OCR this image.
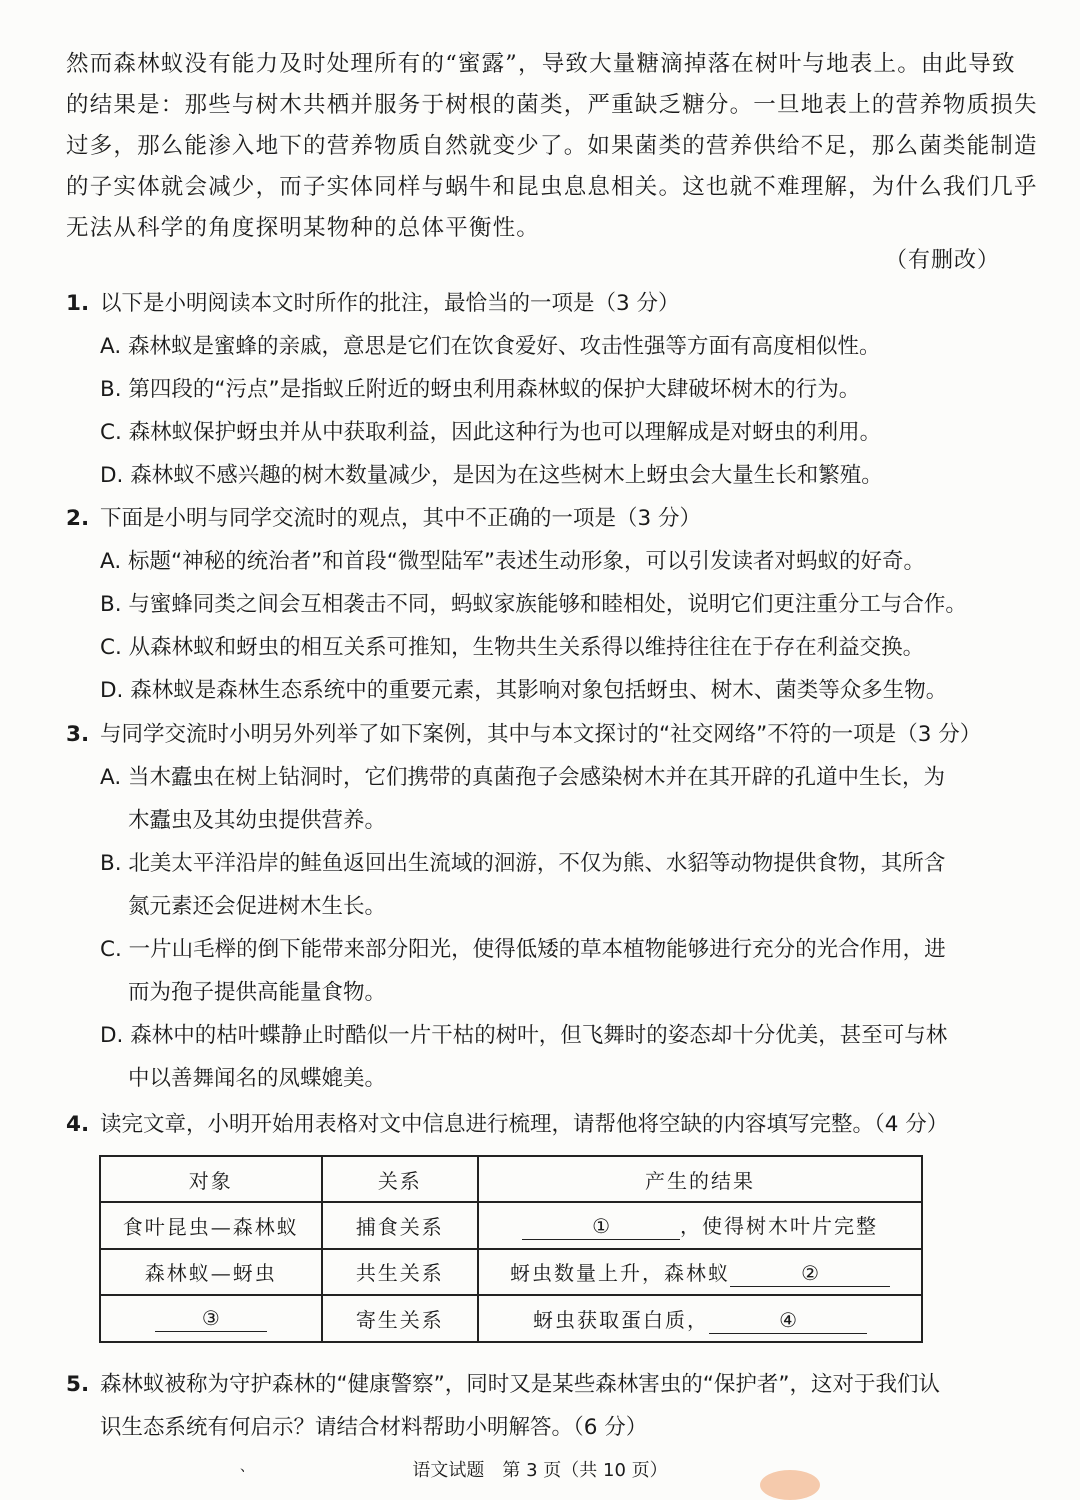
然而森林蚁没有能力及时处理所有的“蜜露”，导致大量糖滴掉落在树叶与地表上。由此导致

的结果是：那些与树木共栖并服务于树根的菌类，严重缺乏糖分。一旦地表上的营养物质损失

过多，那么能渗入地下的营养物质自然就变少了。如果菌类的营养供给不足，那么菌类能制造

的子实体就会减少，而子实体同样与蜗牛和昆虫息息相关。这也就不难理解，为什么我们几乎

无法从科学的角度探明某物种的总体平衡性。

（有删改）
1. 以下是小明阅读本文时所作的批注，最恰当的一项是（3 分）
A. 森林蚁是蜜蜂的亲戚，意思是它们在饮食爱好、攻击性强等方面有高度相似性。
B. 第四段的“污点”是指蚁丘附近的蚜虫利用森林蚁的保护大肆破坏树木的行为。
C. 森林蚁保护蚜虫并从中获取利益，因此这种行为也可以理解成是对蚜虫的利用。
D. 森林蚁不感兴趣的树木数量减少，是因为在这些树木上蚜虫会大量生长和繁殖。
2. 下面是小明与同学交流时的观点，其中不正确的一项是（3 分）
A. 标题“神秘的统治者”和首段“微型陆军”表述生动形象，可以引发读者对蚂蚁的好奇。
B. 与蜜蜂同类之间会互相袭击不同，蚂蚁家族能够和睦相处，说明它们更注重分工与合作。
C. 从森林蚁和蚜虫的相互关系可推知，生物共生关系得以维持往往在于存在利益交换。
D. 森林蚁是森林生态系统中的重要元素，其影响对象包括蚜虫、树木、菌类等众多生物。
3. 与同学交流时小明另外列举了如下案例，其中与本文探讨的“社交网络”不符的一项是（3 分）
A. 当木蠹虫在树上钻洞时，它们携带的真菌孢子会感染树木并在其开辟的孔道中生长，为
木蠹虫及其幼虫提供营养。
B. 北美太平洋沿岸的鲑鱼返回出生流域的洄游，不仅为熊、水貂等动物提供食物，其所含
氮元素还会促进树木生长。
C. 一片山毛榉的倒下能带来部分阳光，使得低矮的草本植物能够进行充分的光合作用，进
而为孢子提供高能量食物。
D. 森林中的枯叶蝶静止时酷似一片干枯的树叶，但飞舞时的姿态却十分优美，甚至可与林
中以善舞闻名的凤蝶媲美。
4. 读完文章，小明开始用表格对文中信息进行梳理，请帮他将空缺的内容填写完整。（4 分）
对象	关系	产生的结果
食叶昆虫—森林蚁	捕食关系	① ，使得树木叶片完整
森林蚁—蚜虫	共生关系	蚜虫数量上升，森林蚁 ②
③	寄生关系	蚜虫获取蛋白质， ④
5. 森林蚁被称为守护森林的“健康警察”，同时又是某些森林害虫的“保护者”，这对于我们认
识生态系统有何启示？请结合材料帮助小明解答。（6 分）
、	语文试题　第 3 页（共 10 页）
